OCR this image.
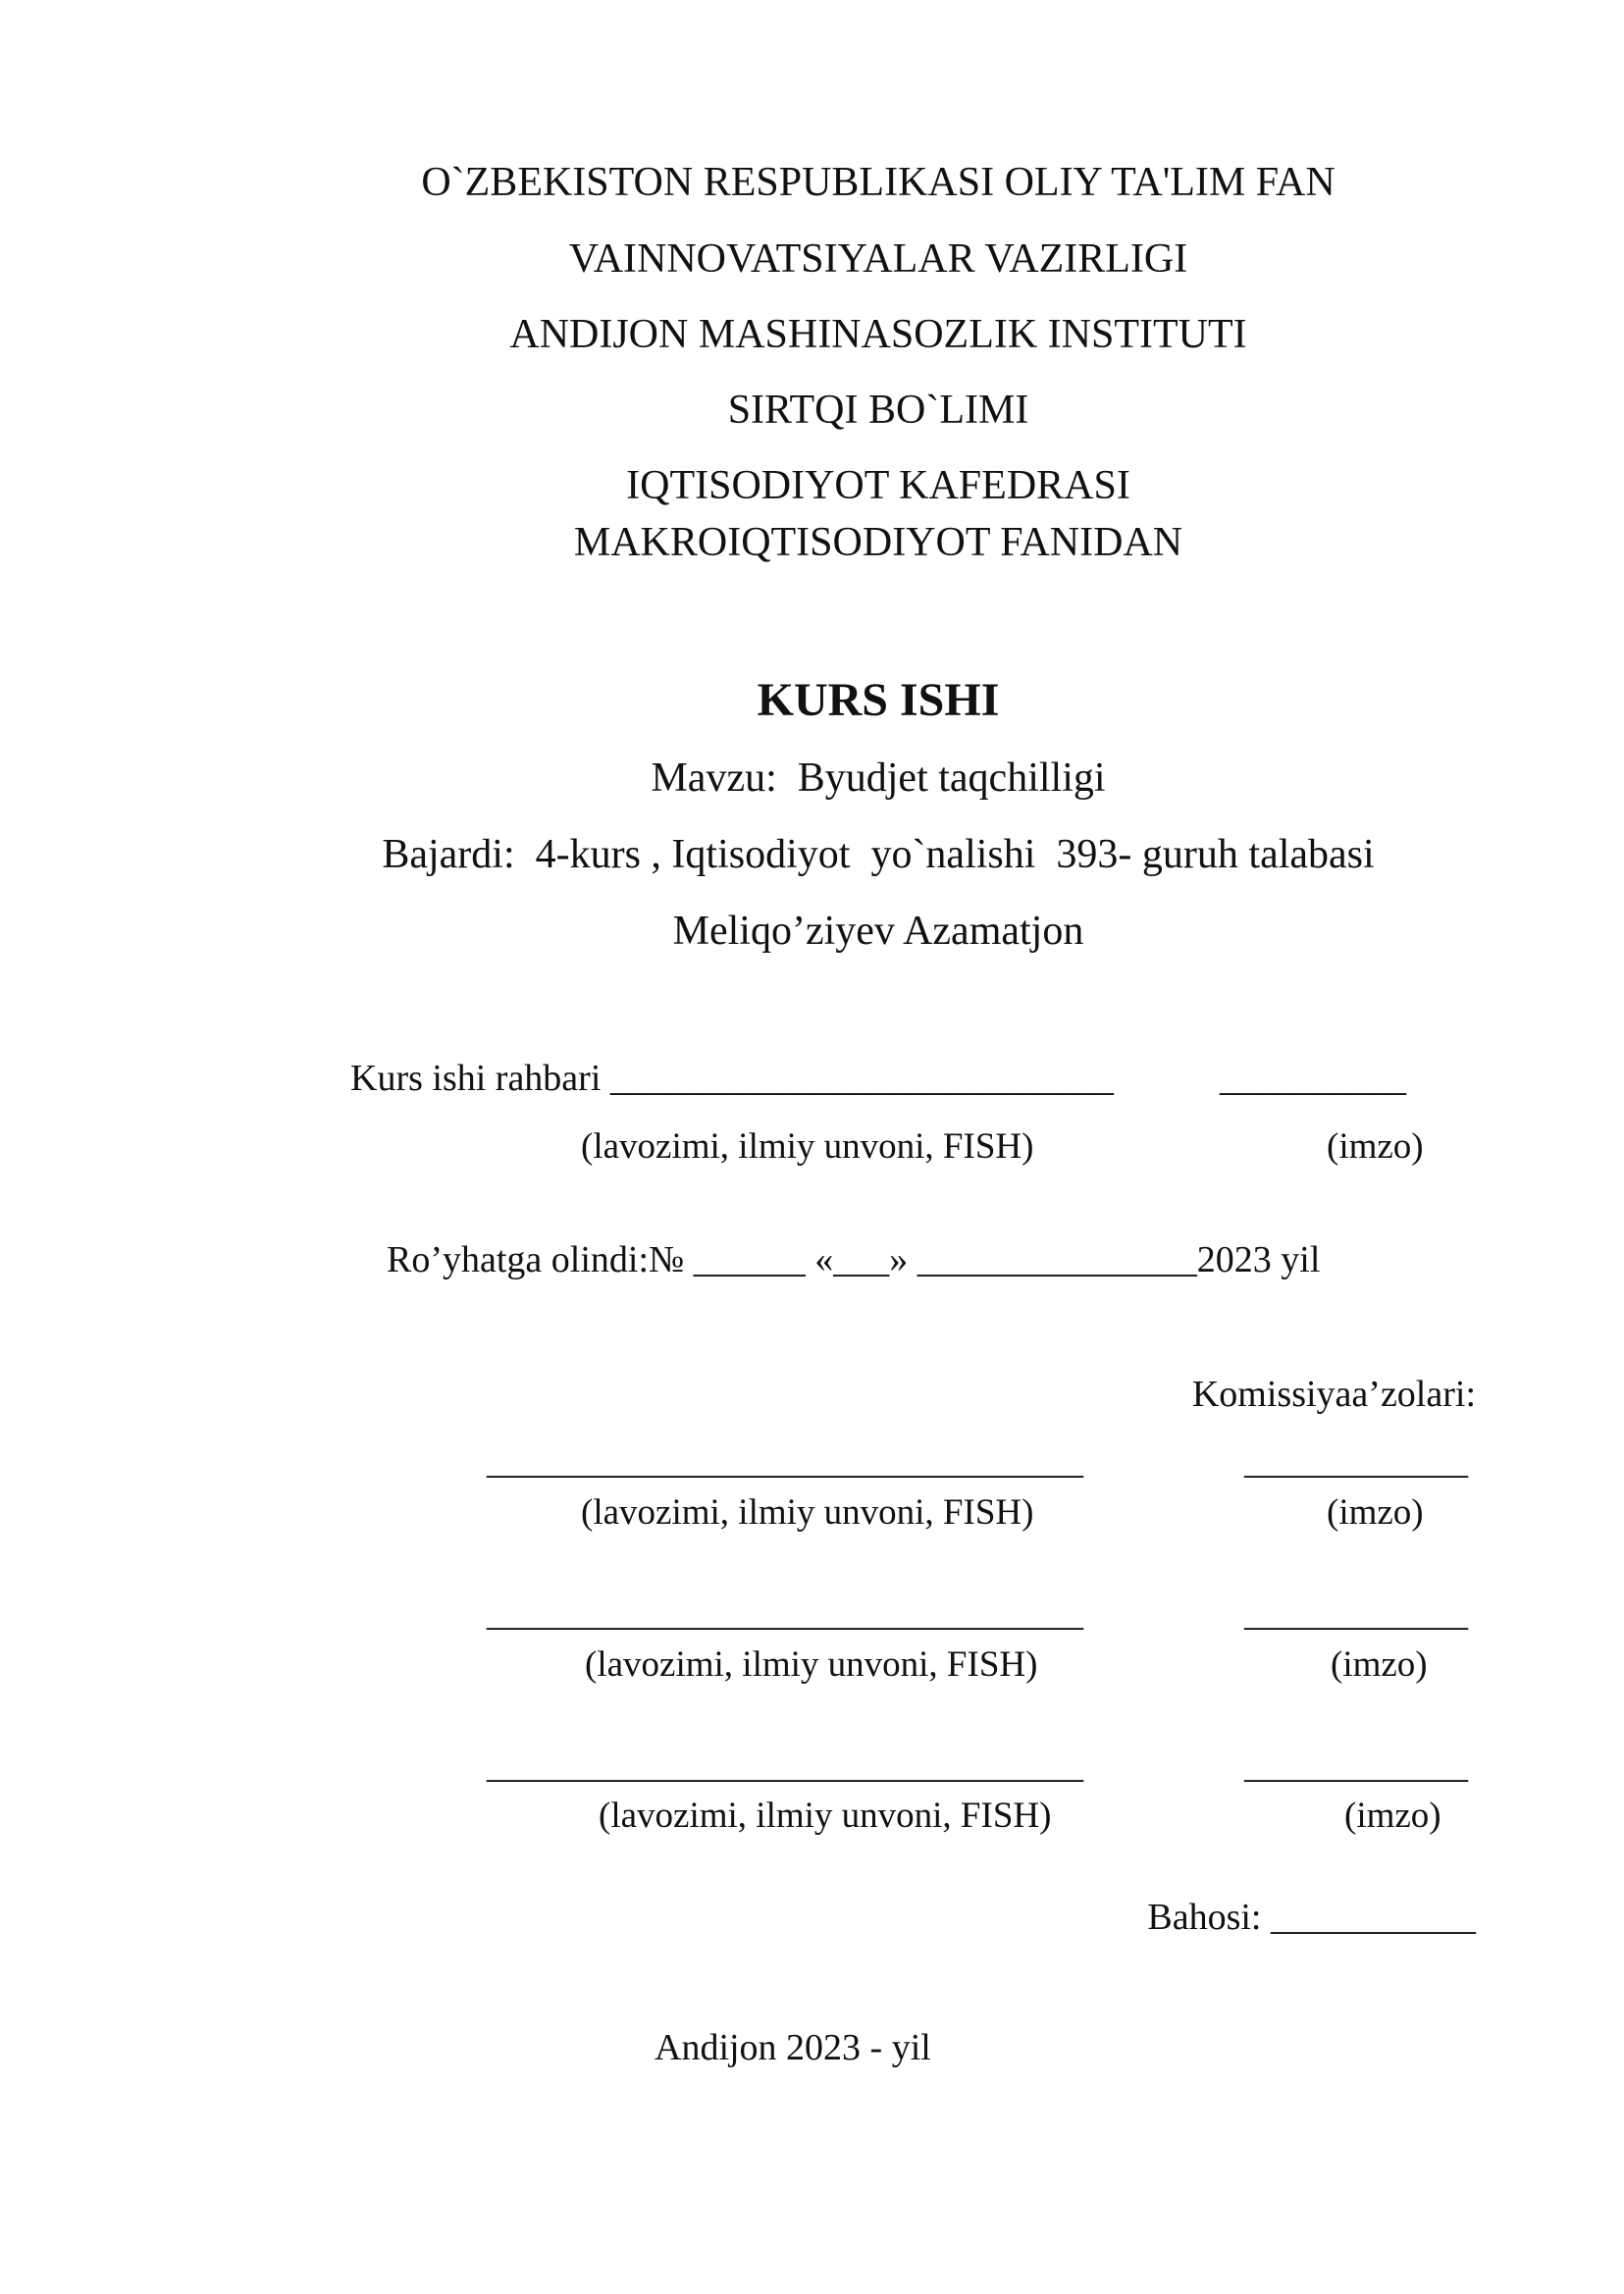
O`ZBEKISTON RESPUBLIKASI OLIY TA'LIM FAN
VAINNOVATSIYALAR VAZIRLIGI
ANDIJON MASHINASOZLIK INSTITUTI
SIRTQI BO`LIMI
IQTISODIYOT KAFEDRASI
MAKROIQTISODIYOT FANIDAN
KURS ISHI
Mavzu:  Byudjet taqchilligi
Bajardi:  4-kurs , Iqtisodiyot  yo`nalishi  393- guruh talabasi
Meliqo’ziyev Azamatjon
Kurs ishi rahbari ___________________________	__________
(lavozimi, ilmiy unvoni, FISH)	(imzo)
Ro’yhatga olindi:№ ______ «___» _______________2023 yil
Komissiyaa’zolari:
________________________________	____________
(lavozimi, ilmiy unvoni, FISH)	(imzo)
________________________________	____________
(lavozimi, ilmiy unvoni, FISH)	(imzo)
________________________________	____________
(lavozimi, ilmiy unvoni, FISH)	(imzo)
Bahosi: ___________
Andijon 2023 - yil
